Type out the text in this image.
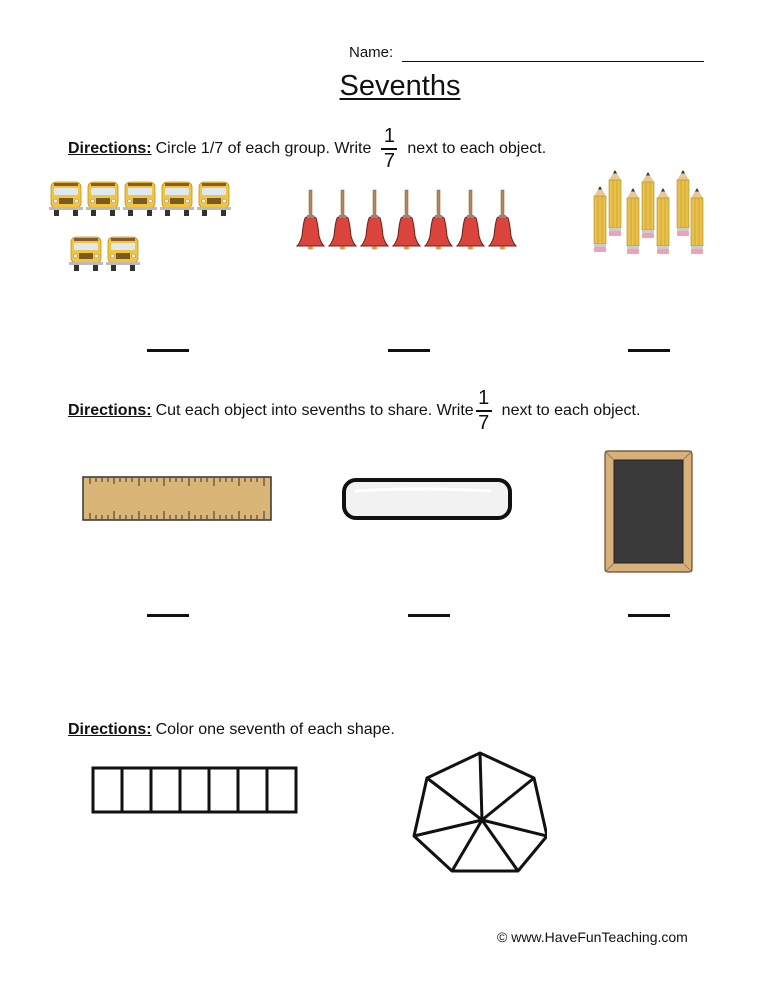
Name:
Sevenths
Directions: Circle 1/7 of each group. Write $\frac{1}{7}$ next to each object.
Directions: Cut each object into sevenths to share. Write $\frac{1}{7}$ next to each object.
Directions: Color one seventh of each shape.
© www.HaveFunTeaching.com
